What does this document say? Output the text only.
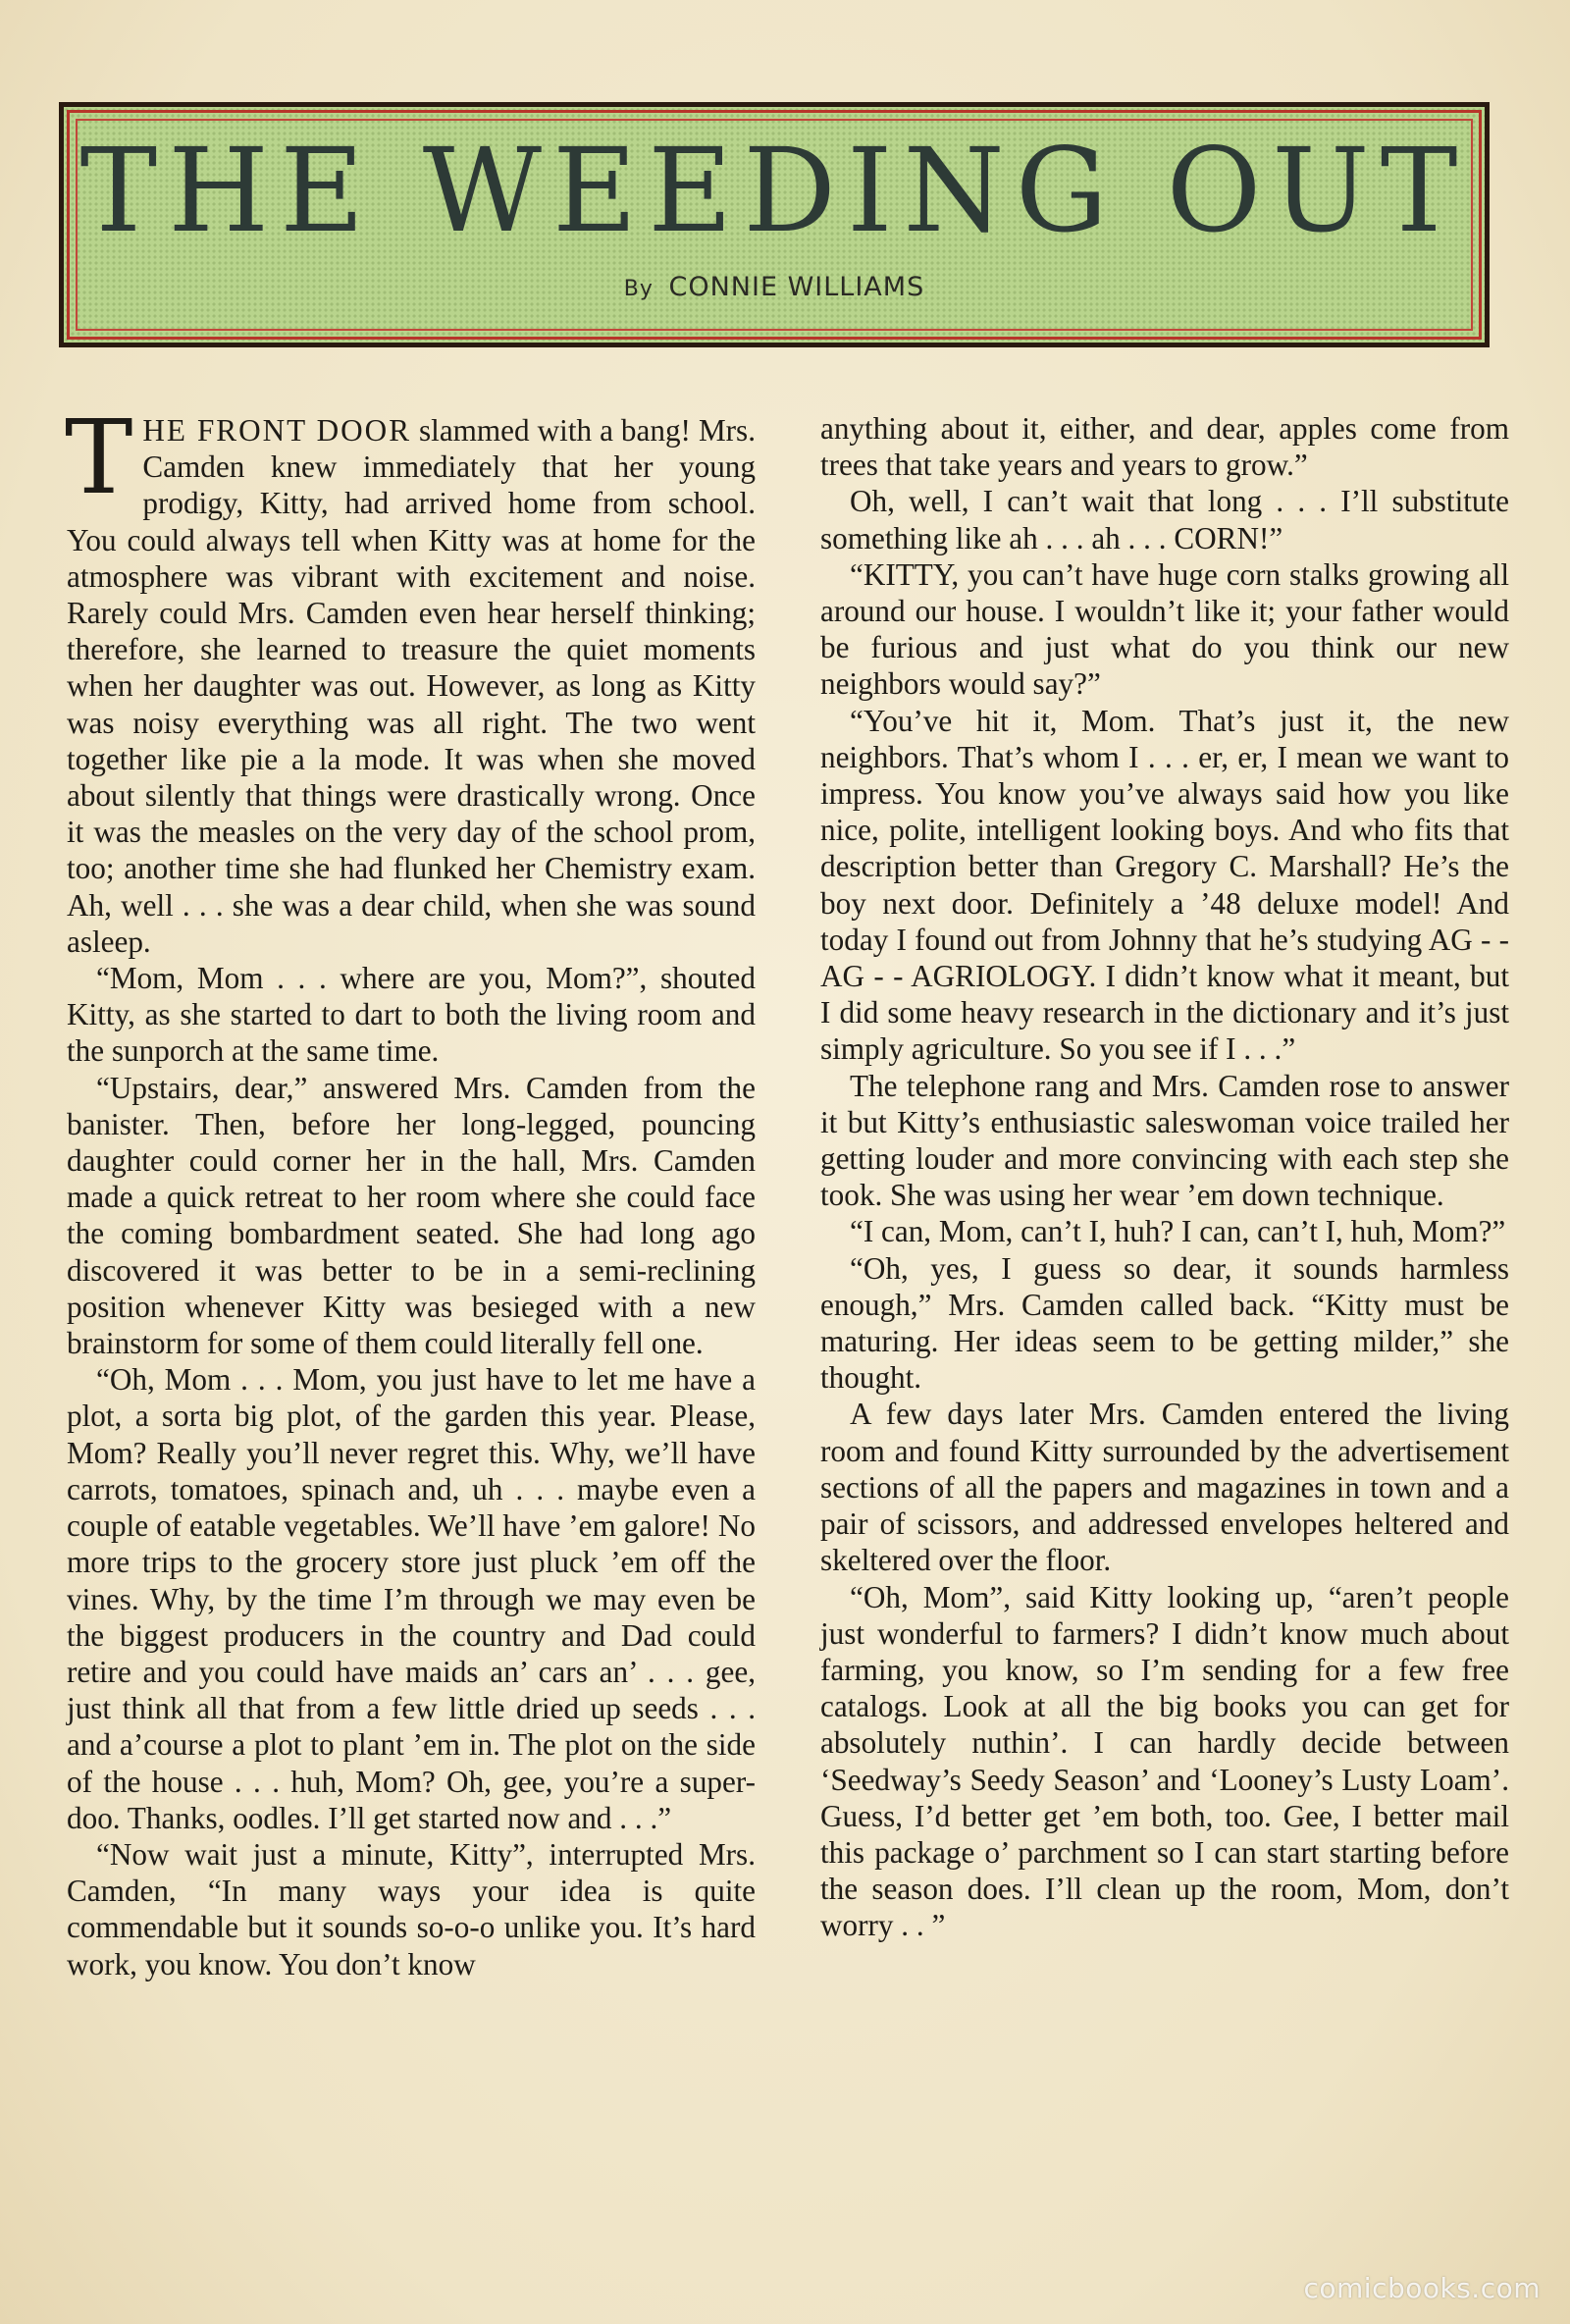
THE WEEDING OUT
By CONNIE WILLIAMS

THE FRONT DOOR slammed with a bang! Mrs. Camden knew immediately that her young prodigy, Kitty, had arrived home from school. You could always tell when Kitty was at home for the atmosphere was vibrant with excitement and noise. Rarely could Mrs. Camden even hear herself thinking; therefore, she learned to treasure the quiet moments when her daughter was out. However, as long as Kitty was noisy everything was all right. The two went together like pie a la mode. It was when she moved about silently that things were drastically wrong. Once it was the measles on the very day of the school prom, too; another time she had flunked her Chemistry exam. Ah, well . . . she was a dear child, when she was sound asleep.

“Mom, Mom . . . where are you, Mom?”, shouted Kitty, as she started to dart to both the living room and the sunporch at the same time.

“Upstairs, dear,” answered Mrs. Camden from the banister. Then, before her long-legged, pouncing daughter could corner her in the hall, Mrs. Camden made a quick retreat to her room where she could face the coming bombardment seated. She had long ago discovered it was better to be in a semi-reclining position whenever Kitty was besieged with a new brainstorm for some of them could literally fell one.

“Oh, Mom . . . Mom, you just have to let me have a plot, a sorta big plot, of the garden this year. Please, Mom? Really you’ll never regret this. Why, we’ll have carrots, tomatoes, spinach and, uh . . . maybe even a couple of eatable vegetables. We’ll have ’em galore! No more trips to the grocery store just pluck ’em off the vines. Why, by the time I’m through we may even be the biggest producers in the country and Dad could retire and you could have maids an’ cars an’ . . . gee, just think all that from a few little dried up seeds . . . and a’course a plot to plant ’em in. The plot on the side of the house . . . huh, Mom? Oh, gee, you’re a super-doo. Thanks, oodles. I’ll get started now and . . .”

“Now wait just a minute, Kitty”, interrupted Mrs. Camden, “In many ways your idea is quite commendable but it sounds so-o-o unlike you. It’s hard work, you know. You don’t know

anything about it, either, and dear, apples come from trees that take years and years to grow.”

Oh, well, I can’t wait that long . . . I’ll substitute something like ah . . . ah . . . CORN!”

“KITTY, you can’t have huge corn stalks growing all around our house. I wouldn’t like it; your father would be furious and just what do you think our new neighbors would say?”

“You’ve hit it, Mom. That’s just it, the new neighbors. That’s whom I . . . er, er, I mean we want to impress. You know you’ve always said how you like nice, polite, intelligent looking boys. And who fits that description better than Gregory C. Marshall? He’s the boy next door. Definitely a ’48 deluxe model! And today I found out from Johnny that he’s studying AG - - AG - - AGRIOLOGY. I didn’t know what it meant, but I did some heavy research in the dictionary and it’s just simply agriculture. So you see if I . . .”

The telephone rang and Mrs. Camden rose to answer it but Kitty’s enthusiastic saleswoman voice trailed her getting louder and more convincing with each step she took. She was using her wear ’em down technique.

“I can, Mom, can’t I, huh? I can, can’t I, huh, Mom?”

“Oh, yes, I guess so dear, it sounds harmless enough,” Mrs. Camden called back. “Kitty must be maturing. Her ideas seem to be getting milder,” she thought.

A few days later Mrs. Camden entered the living room and found Kitty surrounded by the advertisement sections of all the papers and magazines in town and a pair of scissors, and addressed envelopes heltered and skeltered over the floor.

“Oh, Mom”, said Kitty looking up, “aren’t people just wonderful to farmers? I didn’t know much about farming, you know, so I’m sending for a few free catalogs. Look at all the big books you can get for absolutely nuthin’. I can hardly decide between ‘Seedway’s Seedy Season’ and ‘Looney’s Lusty Loam’. Guess, I’d better get ’em both, too. Gee, I better mail this package o’ parchment so I can start starting before the season does. I’ll clean up the room, Mom, don’t worry . . ”

comicbooks.com
